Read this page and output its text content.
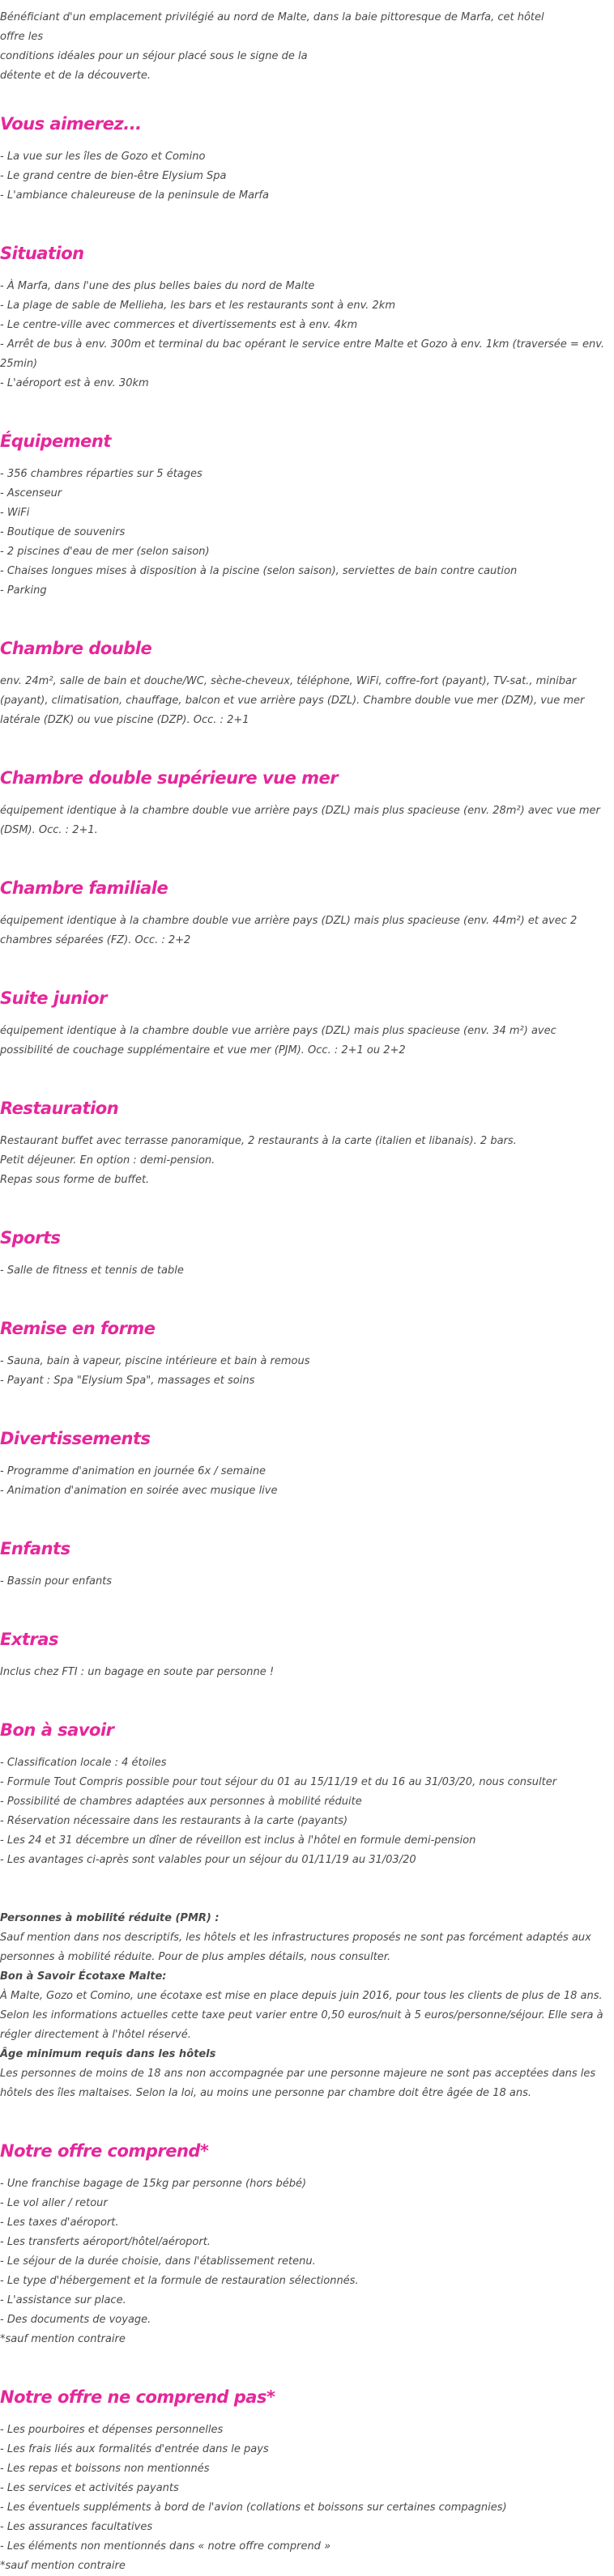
Bénéficiant d'un emplacement privilégié au nord de Malte, dans la baie pittoresque de Marfa, cet hôtel offre les
conditions idéales pour un séjour placé sous le signe de la
détente et de la découverte.
Vous aimerez...
- La vue sur les îles de Gozo et Comino
- Le grand centre de bien-être Elysium Spa
- L'ambiance chaleureuse de la peninsule de Marfa
Situation
- À Marfa, dans l'une des plus belles baies du nord de Malte
- La plage de sable de Mellieha, les bars et les restaurants sont à env. 2km
- Le centre-ville avec commerces et divertissements est à env. 4km
- Arrêt de bus à env. 300m et terminal du bac opérant le service entre Malte et Gozo à env. 1km (traversée = env. 25min)
- L'aéroport est à env. 30km
Équipement
- 356 chambres réparties sur 5 étages
- Ascenseur
- WiFi
- Boutique de souvenirs
- 2 piscines d'eau de mer (selon saison)
- Chaises longues mises à disposition à la piscine (selon saison), serviettes de bain contre caution
- Parking
Chambre double

env. 24m², salle de bain et douche/WC, sèche-cheveux, téléphone, WiFi, coffre-fort (payant), TV-sat., minibar (payant), climatisation, chauffage, balcon et vue arrière pays (DZL). Chambre double vue mer (DZM), vue mer latérale (DZK) ou vue piscine (DZP). Occ. : 2+1

Chambre double supérieure vue mer

équipement identique à la chambre double vue arrière pays (DZL) mais plus spacieuse (env. 28m²) avec vue mer (DSM). Occ. : 2+1.

Chambre familiale

équipement identique à la chambre double vue arrière pays (DZL) mais plus spacieuse (env. 44m²) et avec 2 chambres séparées (FZ). Occ. : 2+2

Suite junior

équipement identique à la chambre double vue arrière pays (DZL) mais plus spacieuse (env. 34 m²) avec possibilité de couchage supplémentaire et vue mer (PJM). Occ. : 2+1 ou 2+2

Restauration
Restaurant buffet avec terrasse panoramique, 2 restaurants à la carte (italien et libanais). 2 bars.
Petit déjeuner. En option : demi-pension.
Repas sous forme de buffet.
Sports
- Salle de fitness et tennis de table
Remise en forme
- Sauna, bain à vapeur, piscine intérieure et bain à remous
- Payant : Spa "Elysium Spa", massages et soins
Divertissements
- Programme d'animation en journée 6x / semaine
- Animation d'animation en soirée avec musique live
Enfants
- Bassin pour enfants
Extras
Inclus chez FTI : un bagage en soute par personne !
Bon à savoir
- Classification locale : 4 étoiles
- Formule Tout Compris possible pour tout séjour du 01 au 15/11/19 et du 16 au 31/03/20, nous consulter
- Possibilité de chambres adaptées aux personnes à mobilité réduite
- Réservation nécessaire dans les restaurants à la carte (payants)
- Les 24 et 31 décembre un dîner de réveillon est inclus à l'hôtel en formule demi-pension
- Les avantages ci-après sont valables pour un séjour du 01/11/19 au 31/03/20
Personnes à mobilité réduite (PMR) :

Sauf mention dans nos descriptifs, les hôtels et les infrastructures proposés ne sont pas forcément adaptés aux personnes à mobilité réduite. Pour de plus amples détails, nous consulter.

Bon à Savoir Écotaxe Malte:

À Malte, Gozo et Comino, une écotaxe est mise en place depuis juin 2016, pour tous les clients de plus de 18 ans. Selon les informations actuelles cette taxe peut varier entre 0,50 euros/nuit à 5 euros/personne/séjour. Elle sera à régler directement à l'hôtel réservé.

Âge minimum requis dans les hôtels

Les personnes de moins de 18 ans non accompagnée par une personne majeure ne sont pas acceptées dans les hôtels des îles maltaises. Selon la loi, au moins une personne par chambre doit être âgée de 18 ans.

Notre offre comprend*
- Une franchise bagage de 15kg par personne (hors bébé)
- Le vol aller / retour
- Les taxes d'aéroport.
- Les transferts aéroport/hôtel/aéroport.
- Le séjour de la durée choisie, dans l'établissement retenu.
- Le type d'hébergement et la formule de restauration sélectionnés.
- L'assistance sur place.
- Des documents de voyage.
*sauf mention contraire
Notre offre ne comprend pas*
- Les pourboires et dépenses personnelles
- Les frais liés aux formalités d'entrée dans le pays
- Les repas et boissons non mentionnés
- Les services et activités payants
- Les éventuels suppléments à bord de l'avion (collations et boissons sur certaines compagnies)
- Les assurances facultatives
- Les éléments non mentionnés dans « notre offre comprend »
*sauf mention contraire
